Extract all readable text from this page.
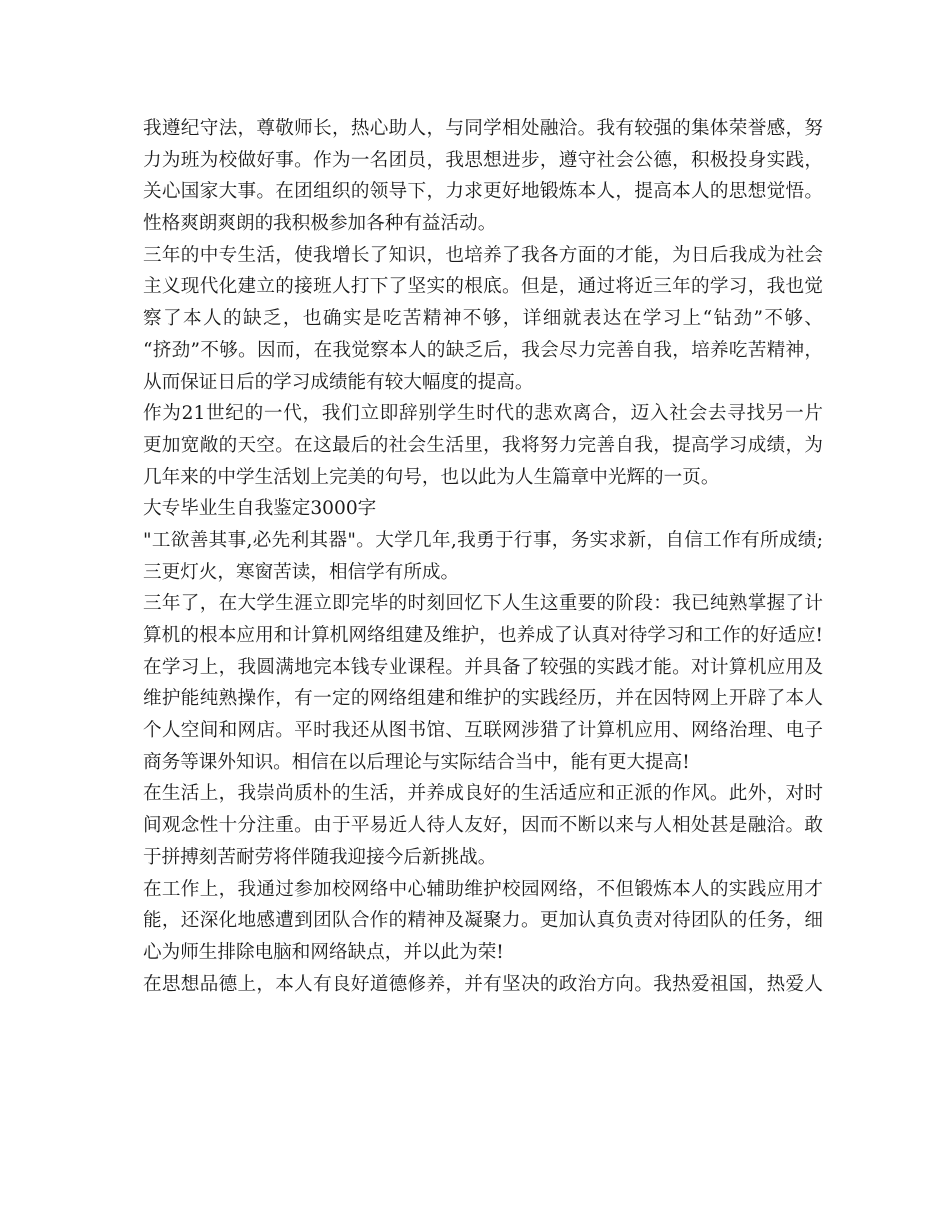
我遵纪守法，尊敬师长，热心助人，与同学相处融洽。我有较强的集体荣誉感，努
力为班为校做好事。作为一名团员，我思想进步，遵守社会公德，积极投身实践，
关心国家大事。在团组织的领导下，力求更好地锻炼本人，提高本人的思想觉悟。
性格爽朗爽朗的我积极参加各种有益活动。
三年的中专生活，使我增长了知识，也培养了我各方面的才能，为日后我成为社会
主义现代化建立的接班人打下了坚实的根底。但是，通过将近三年的学习，我也觉
察了本人的缺乏，也确实是吃苦精神不够，详细就表达在学习上“钻劲”不够、
“挤劲”不够。因而，在我觉察本人的缺乏后，我会尽力完善自我，培养吃苦精神，
从而保证日后的学习成绩能有较大幅度的提高。
作为21世纪的一代，我们立即辞别学生时代的悲欢离合，迈入社会去寻找另一片
更加宽敞的天空。在这最后的社会生活里，我将努力完善自我，提高学习成绩，为
几年来的中学生活划上完美的句号，也以此为人生篇章中光辉的一页。
大专毕业生自我鉴定3000字
"工欲善其事,必先利其器"。大学几年,我勇于行事，务实求新，自信工作有所成绩;
三更灯火，寒窗苦读，相信学有所成。
三年了，在大学生涯立即完毕的时刻回忆下人生这重要的阶段：我已纯熟掌握了计
算机的根本应用和计算机网络组建及维护，也养成了认真对待学习和工作的好适应!
在学习上，我圆满地完本钱专业课程。并具备了较强的实践才能。对计算机应用及
维护能纯熟操作，有一定的网络组建和维护的实践经历，并在因特网上开辟了本人
个人空间和网店。平时我还从图书馆、互联网涉猎了计算机应用、网络治理、电子
商务等课外知识。相信在以后理论与实际结合当中，能有更大提高!
在生活上，我崇尚质朴的生活，并养成良好的生活适应和正派的作风。此外，对时
间观念性十分注重。由于平易近人待人友好，因而不断以来与人相处甚是融洽。敢
于拼搏刻苦耐劳将伴随我迎接今后新挑战。
在工作上，我通过参加校网络中心辅助维护校园网络，不但锻炼本人的实践应用才
能，还深化地感遭到团队合作的精神及凝聚力。更加认真负责对待团队的任务，细
心为师生排除电脑和网络缺点，并以此为荣!
在思想品德上，本人有良好道德修养，并有坚决的政治方向。我热爱祖国，热爱人
